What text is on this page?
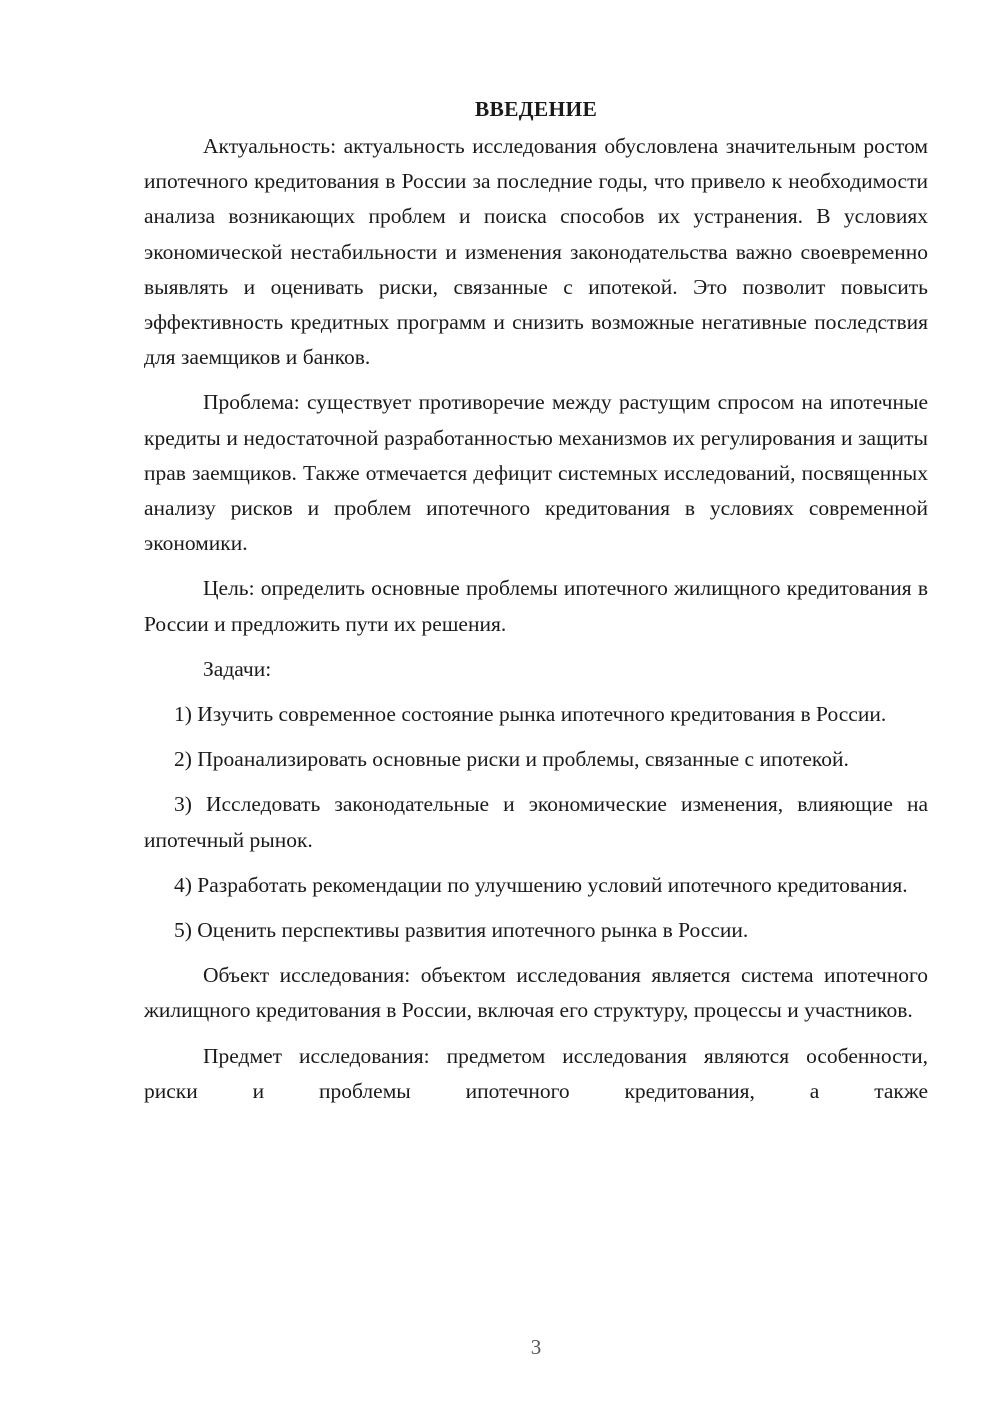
ВВЕДЕНИЕ

Актуальность: актуальность исследования обусловлена значительным ростом ипотечного кредитования в России за последние годы, что привело к необходимости анализа возникающих проблем и поиска способов их устранения. В условиях экономической нестабильности и изменения законодательства важно своевременно выявлять и оценивать риски, связанные с ипотекой. Это позволит повысить эффективность кредитных программ и снизить возможные негативные последствия для заемщиков и банков.

Проблема: существует противоречие между растущим спросом на ипотечные кредиты и недостаточной разработанностью механизмов их регулирования и защиты прав заемщиков. Также отмечается дефицит системных исследований, посвященных анализу рисков и проблем ипотечного кредитования в условиях современной экономики.

Цель: определить основные проблемы ипотечного жилищного кредитования в России и предложить пути их решения.

Задачи:

1) Изучить современное состояние рынка ипотечного кредитования в России.

2) Проанализировать основные риски и проблемы, связанные с ипотекой.

3) Исследовать законодательные и экономические изменения, влияющие на ипотечный рынок.

4) Разработать рекомендации по улучшению условий ипотечного кредитования.

5) Оценить перспективы развития ипотечного рынка в России.

Объект исследования: объектом исследования является система ипотечного жилищного кредитования в России, включая его структуру, процессы и участников.

Предмет исследования: предметом исследования являются особенности, риски и проблемы ипотечного кредитования, а также

3
